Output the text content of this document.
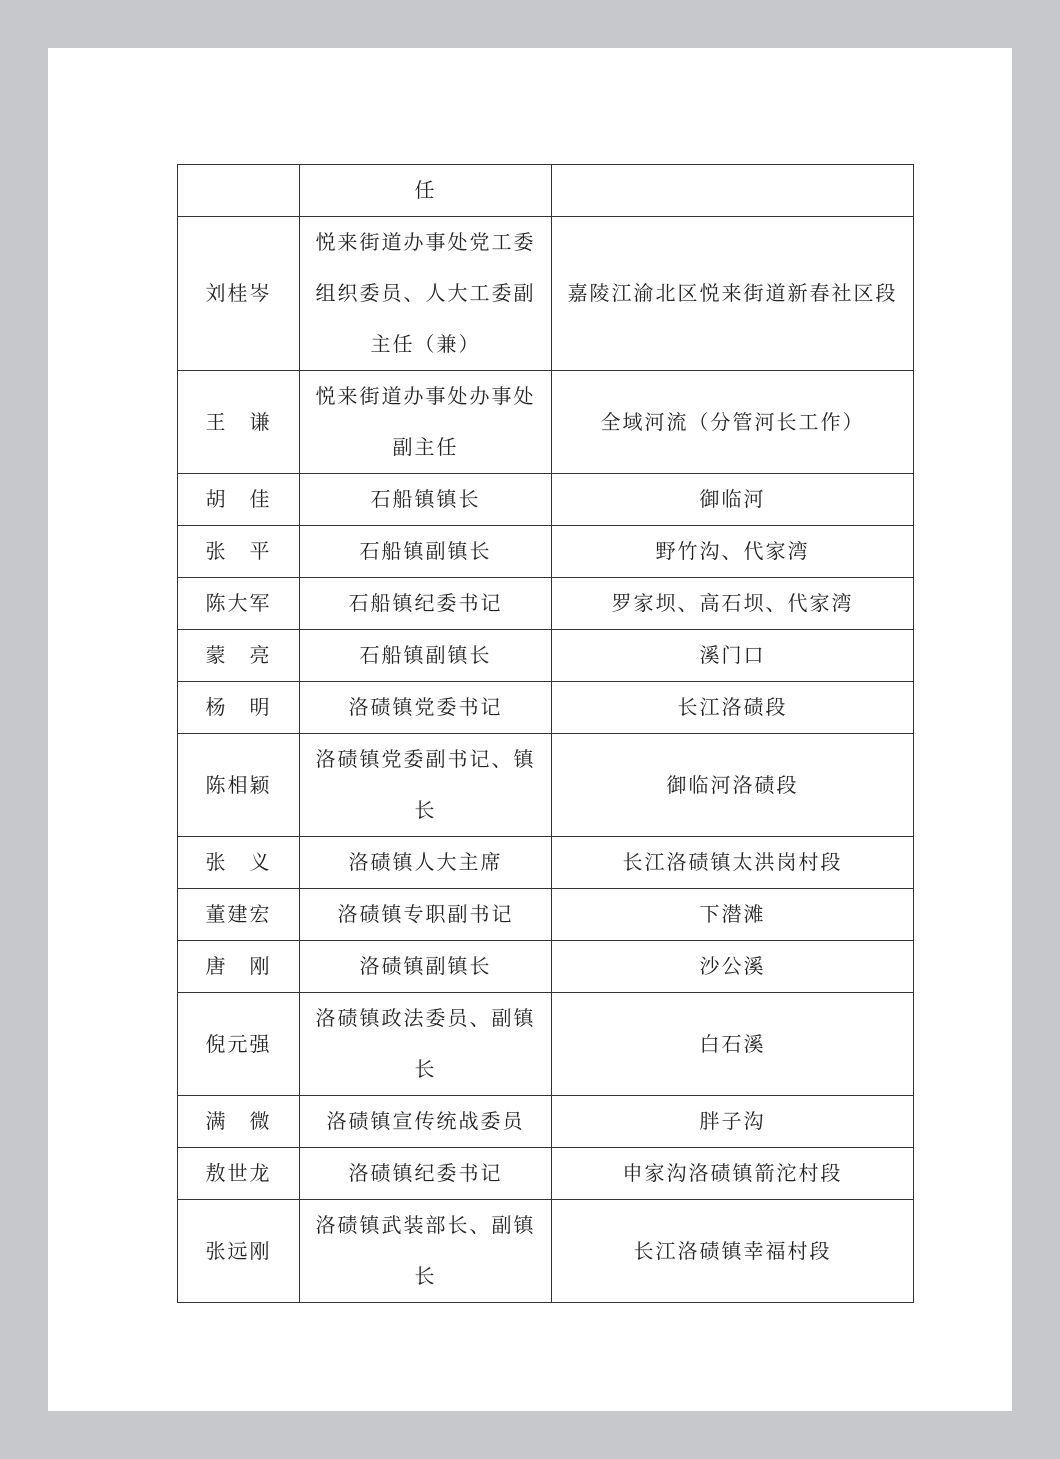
	任	
刘桂岑	悦来街道办事处党工委组织委员、人大工委副主任（兼）	嘉陵江渝北区悦来街道新春社区段
王　谦	悦来街道办事处办事处副主任	全域河流（分管河长工作）
胡　佳	石船镇镇长	御临河
张　平	石船镇副镇长	野竹沟、代家湾
陈大军	石船镇纪委书记	罗家坝、高石坝、代家湾
蒙　亮	石船镇副镇长	溪门口
杨　明	洛碛镇党委书记	长江洛碛段
陈相颖	洛碛镇党委副书记、镇长	御临河洛碛段
张　义	洛碛镇人大主席	长江洛碛镇太洪岗村段
董建宏	洛碛镇专职副书记	下潜滩
唐　刚	洛碛镇副镇长	沙公溪
倪元强	洛碛镇政法委员、副镇长	白石溪
满　微	洛碛镇宣传统战委员	胖子沟
敖世龙	洛碛镇纪委书记	申家沟洛碛镇箭沱村段
张远刚	洛碛镇武装部长、副镇长	长江洛碛镇幸福村段
